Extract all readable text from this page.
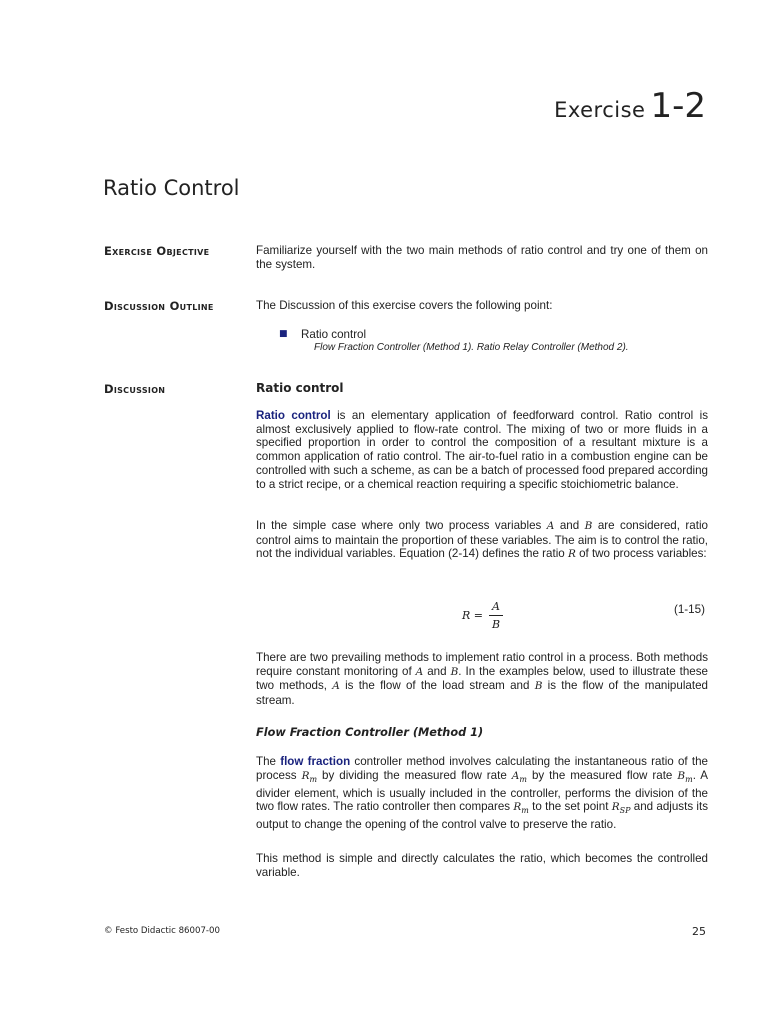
Exercise 1-2
Ratio Control
Exercise Objective	Familiarize yourself with the two main methods of ratio control and try one of them on the system.

Discussion Outline	The Discussion of this exercise covers the following point:

■ Ratio control
Flow Fraction Controller (Method 1). Ratio Relay Controller (Method 2).
Discussion	Ratio control

Ratio control is an elementary application of feedforward control. Ratio control is almost exclusively applied to flow-rate control. The mixing of two or more fluids in a specified proportion in order to control the composition of a resultant mixture is a common application of ratio control. The air-to-fuel ratio in a combustion engine can be controlled with such a scheme, as can be a batch of processed food prepared according to a strict recipe, or a chemical reaction requiring a specific stoichiometric balance.

In the simple case where only two process variables A and B are considered, ratio control aims to maintain the proportion of these variables. The aim is to control the ratio, not the individual variables. Equation (2-14) defines the ratio R of two process variables:

$R = \frac{A}{B}$	(1-15)

There are two prevailing methods to implement ratio control in a process. Both methods require constant monitoring of A and B. In the examples below, used to illustrate these two methods, A is the flow of the load stream and B is the flow of the manipulated stream.

Flow Fraction Controller (Method 1)

The flow fraction controller method involves calculating the instantaneous ratio of the process $R_m$ by dividing the measured flow rate $A_m$ by the measured flow rate $B_m$. A divider element, which is usually included in the controller, performs the division of the two flow rates. The ratio controller then compares $R_m$ to the set point $R_{SP}$ and adjusts its output to change the opening of the control valve to preserve the ratio.

This method is simple and directly calculates the ratio, which becomes the controlled variable.

© Festo Didactic 86007-00	25
